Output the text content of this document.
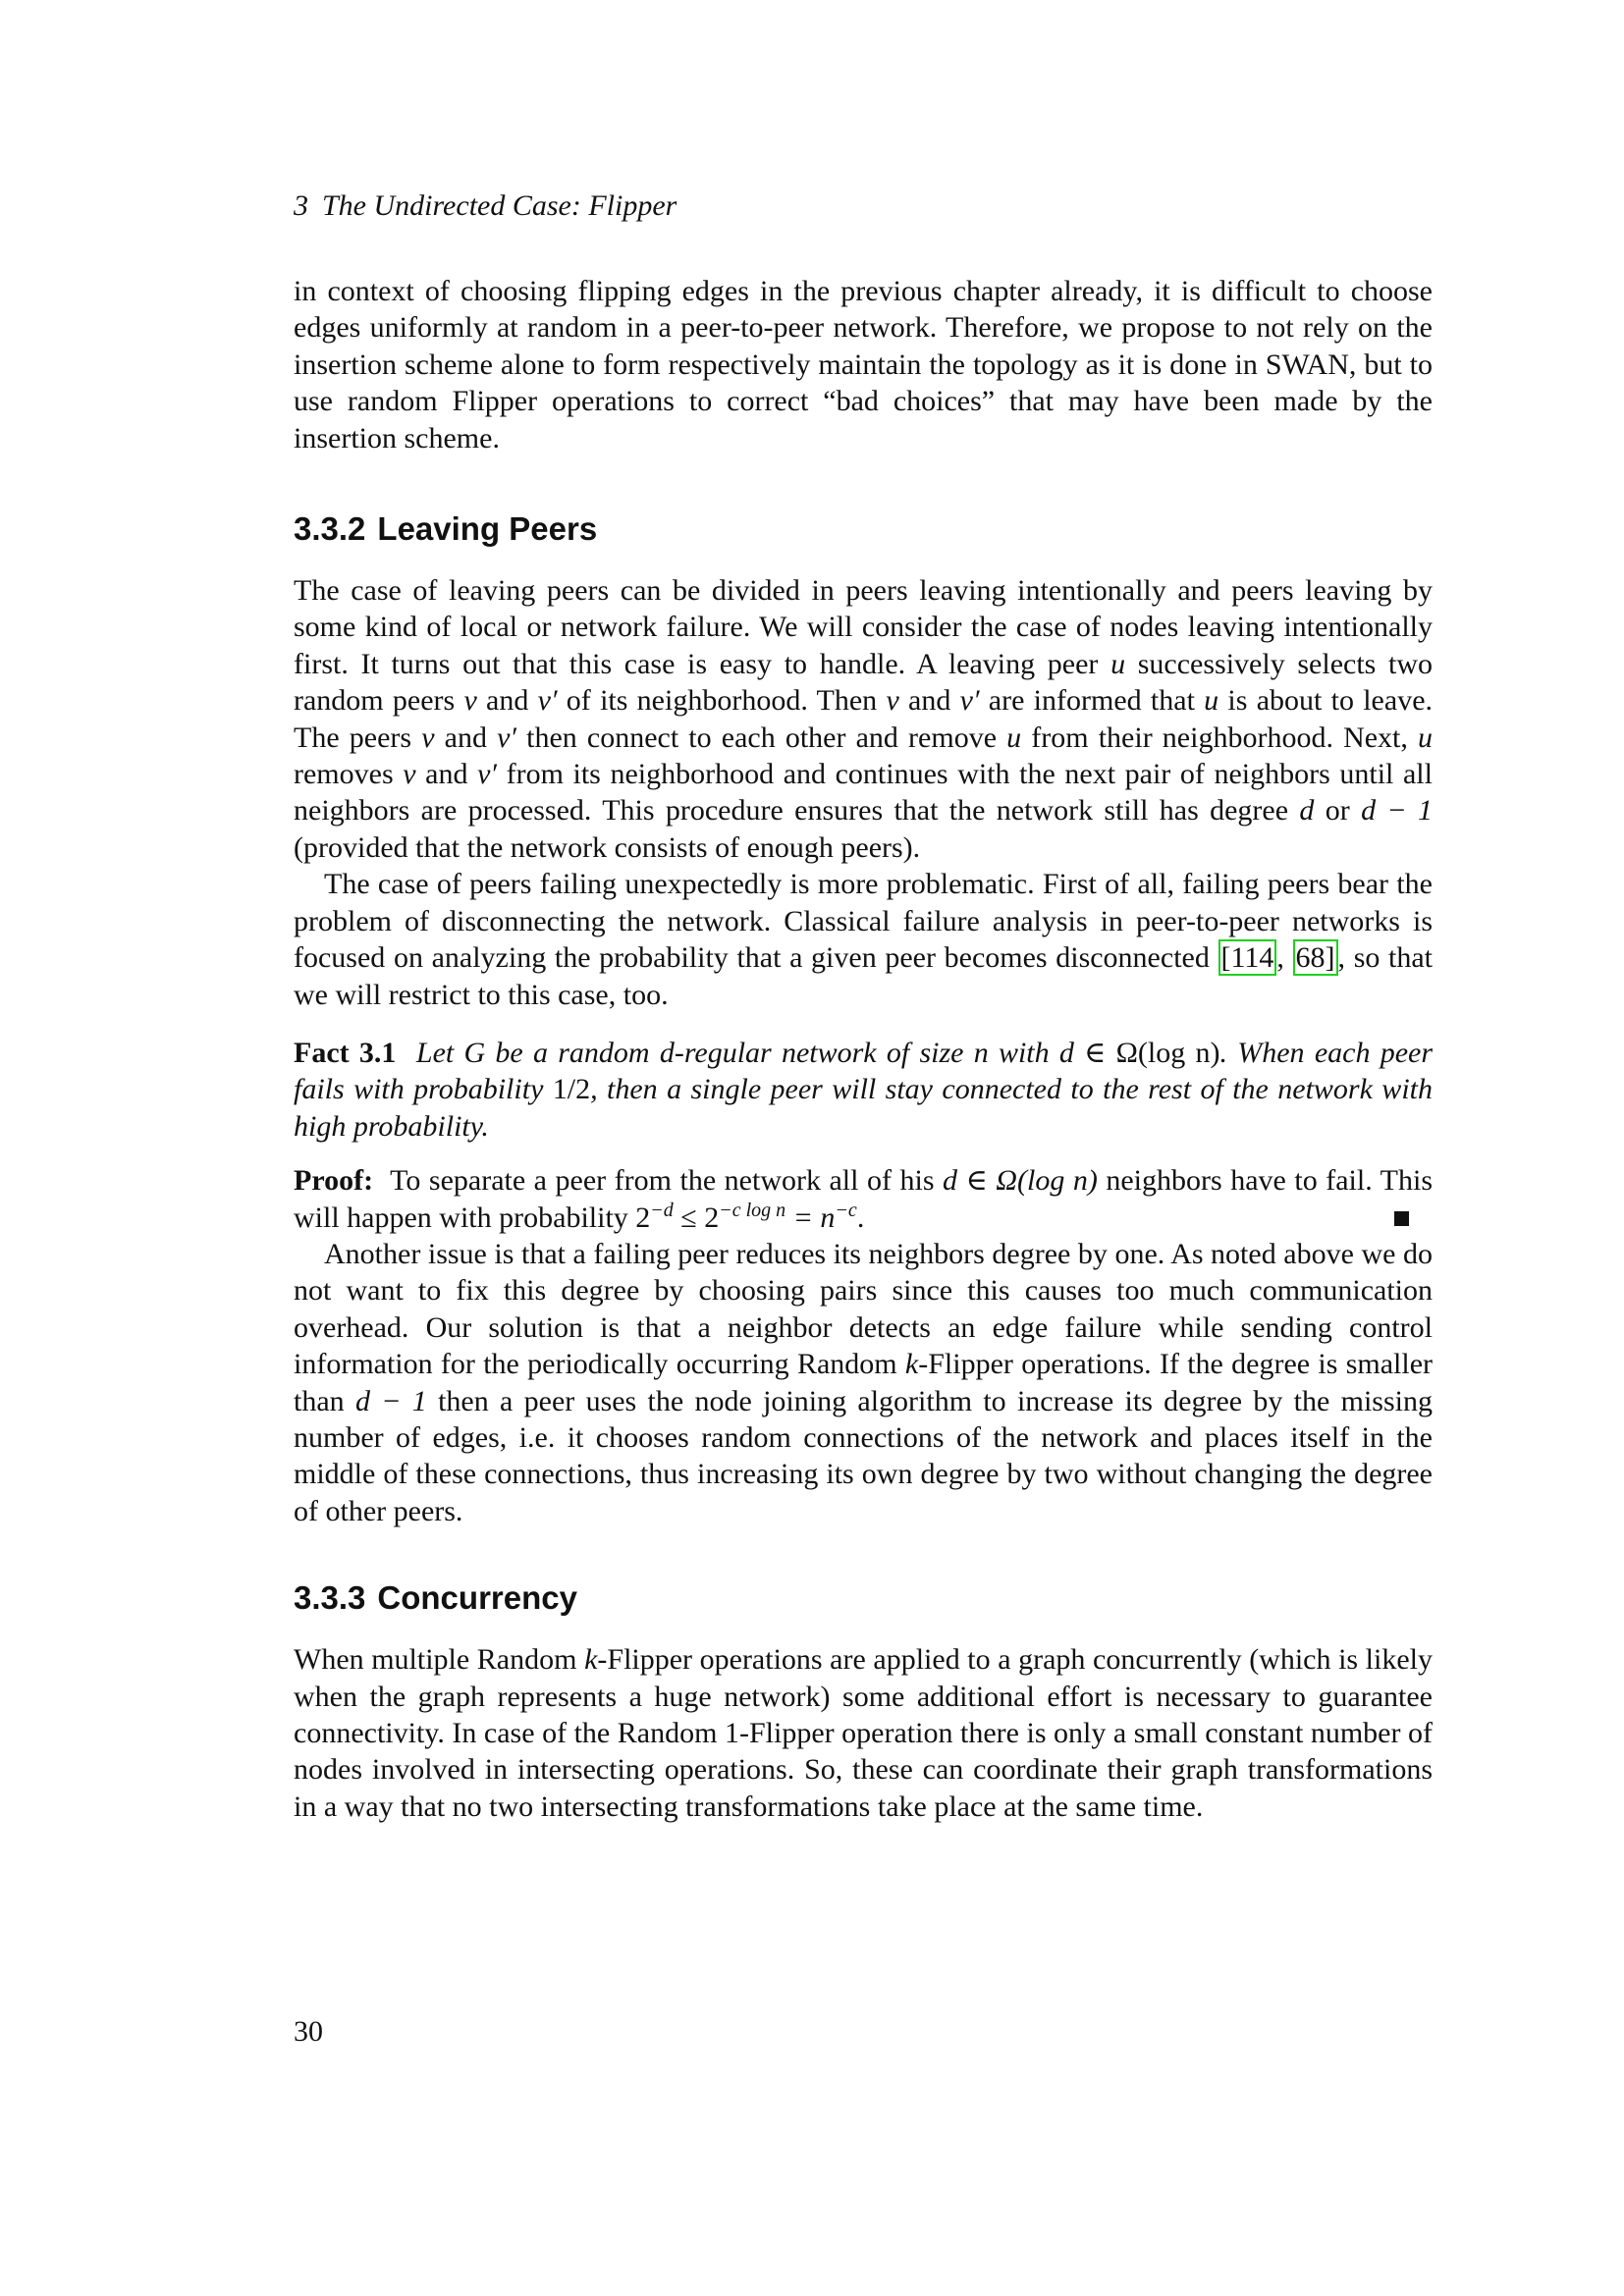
3 The Undirected Case: Flipper

in context of choosing flipping edges in the previous chapter already, it is difficult to choose edges uniformly at random in a peer-to-peer network. Therefore, we propose to not rely on the insertion scheme alone to form respectively maintain the topology as it is done in SWAN, but to use random Flipper operations to correct “bad choices” that may have been made by the insertion scheme.

3.3.2 Leaving Peers

The case of leaving peers can be divided in peers leaving intentionally and peers leaving by some kind of local or network failure. We will consider the case of nodes leaving intentionally first. It turns out that this case is easy to handle. A leaving peer u successively selects two random peers v and v′ of its neighborhood. Then v and v′ are informed that u is about to leave. The peers v and v′ then connect to each other and remove u from their neighborhood. Next, u removes v and v′ from its neighborhood and continues with the next pair of neighbors until all neighbors are processed. This procedure ensures that the network still has degree d or d − 1 (provided that the network consists of enough peers).

The case of peers failing unexpectedly is more problematic. First of all, failing peers bear the problem of disconnecting the network. Classical failure analysis in peer-to-peer networks is focused on analyzing the probability that a given peer becomes disconnected [114 , 68] , so that we will restrict to this case, too.

Fact 3.1 Let G be a random d-regular network of size n with d ∈ Ω(log n). When each peer fails with probability 1/2, then a single peer will stay connected to the rest of the network with high probability.

Proof: To separate a peer from the network all of his d ∈ Ω(log n) neighbors have to fail. This will happen with probability $2^{-d} \le 2^{-c log n} = n^{-c}$.

Another issue is that a failing peer reduces its neighbors degree by one. As noted above we do not want to fix this degree by choosing pairs since this causes too much communication overhead. Our solution is that a neighbor detects an edge failure while sending control information for the periodically occurring Random k-Flipper operations. If the degree is smaller than d − 1 then a peer uses the node joining algorithm to increase its degree by the missing number of edges, i.e. it chooses random connections of the network and places itself in the middle of these connections, thus increasing its own degree by two without changing the degree of other peers.

3.3.3 Concurrency

When multiple Random k-Flipper operations are applied to a graph concurrently (which is likely when the graph represents a huge network) some additional effort is necessary to guarantee connectivity. In case of the Random 1-Flipper operation there is only a small constant number of nodes involved in intersecting operations. So, these can coordinate their graph transformations in a way that no two intersecting transformations take place at the same time.

30
